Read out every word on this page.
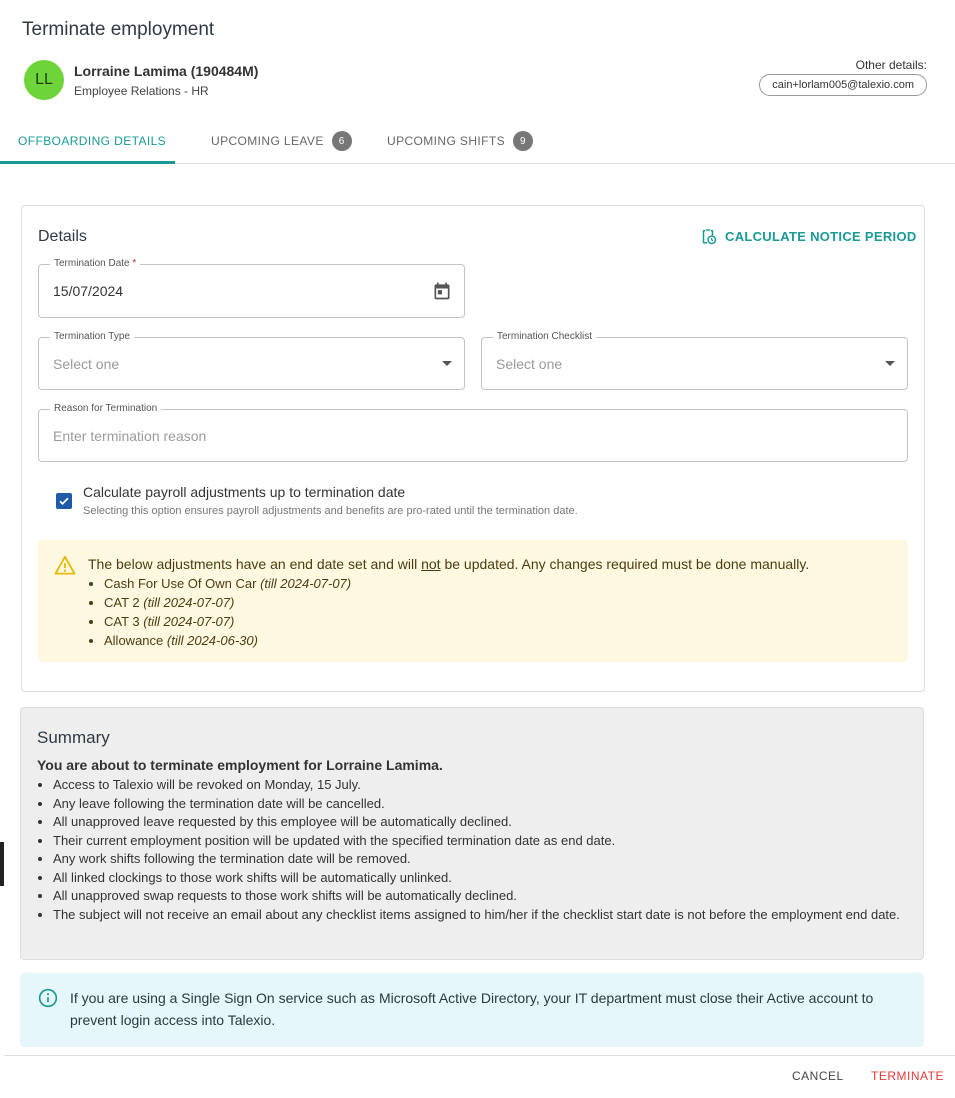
Terminate employment
LL	Lorraine Lamima (190484M)
Employee Relations - HR
Other details:
cain+lorlam005@talexio.com
OFFBOARDING DETAILS	UPCOMING LEAVE	6	UPCOMING SHIFTS	9
Details	CALCULATE NOTICE PERIOD
Termination Date *
15/07/2024
Termination Type
Select one
Termination Checklist
Select one
Reason for Termination
Enter termination reason
Calculate payroll adjustments up to termination date
Selecting this option ensures payroll adjustments and benefits are pro-rated until the termination date.
The below adjustments have an end date set and will not be updated. Any changes required must be done manually.
• Cash For Use Of Own Car (till 2024-07-07)
• CAT 2 (till 2024-07-07)
• CAT 3 (till 2024-07-07)
• Allowance (till 2024-06-30)
Summary
You are about to terminate employment for Lorraine Lamima.
• Access to Talexio will be revoked on Monday, 15 July.
• Any leave following the termination date will be cancelled.
• All unapproved leave requested by this employee will be automatically declined.
• Their current employment position will be updated with the specified termination date as end date.
• Any work shifts following the termination date will be removed.
• All linked clockings to those work shifts will be automatically unlinked.
• All unapproved swap requests to those work shifts will be automatically declined.
• The subject will not receive an email about any checklist items assigned to him/her if the checklist start date is not before the employment end date.
If you are using a Single Sign On service such as Microsoft Active Directory, your IT department must close their Active account to prevent login access into Talexio.
CANCEL TERMINATE
